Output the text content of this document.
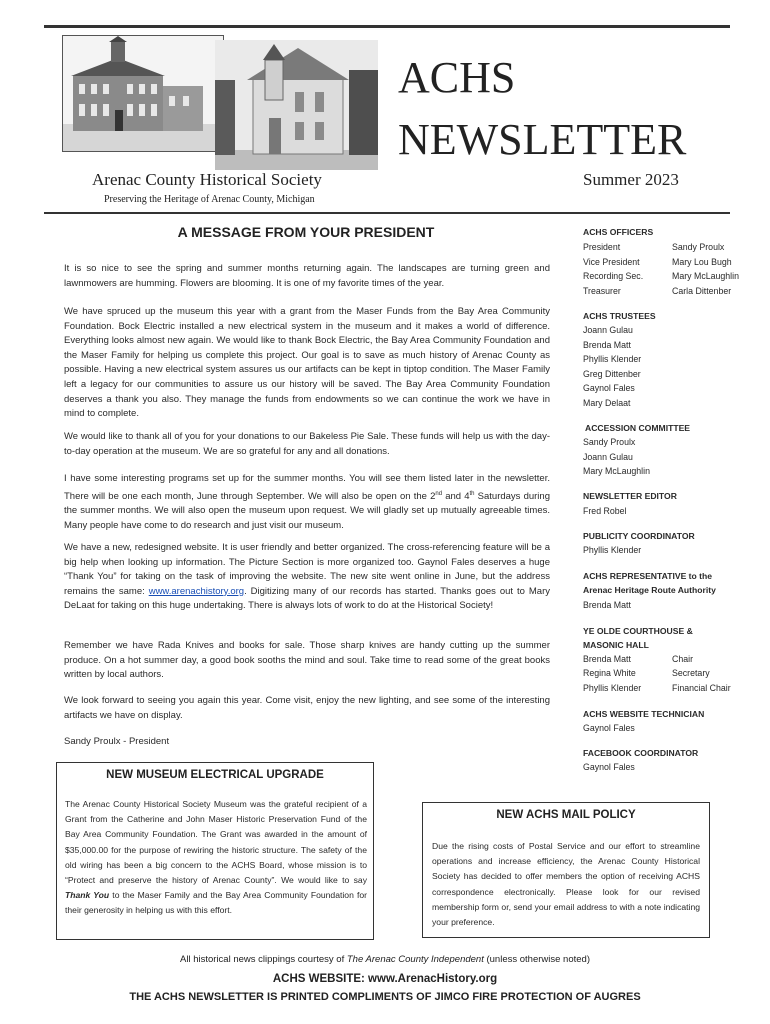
ACHS
NEWSLETTER
Arenac County Historical Society	Summer 2023
Preserving the Heritage of Arenac County, Michigan
A MESSAGE FROM YOUR PRESIDENT
It is so nice to see the spring and summer months returning again. The landscapes are turning green and lawnmowers are humming. Flowers are blooming. It is one of my favorite times of the year.
We have spruced up the museum this year with a grant from the Maser Funds from the Bay Area Community Foundation. Bock Electric installed a new electrical system in the museum and it makes a world of difference. Everything looks almost new again. We would like to thank Bock Electric, the Bay Area Community Foundation and the Maser Family for helping us complete this project. Our goal is to save as much history of Arenac County as possible. Having a new electrical system assures us our artifacts can be kept in tiptop condition. The Maser Family left a legacy for our communities to assure us our history will be saved. The Bay Area Community Foundation deserves a thank you also. They manage the funds from endowments so we can continue the work we have in mind to complete.
We would like to thank all of you for your donations to our Bakeless Pie Sale. These funds will help us with the day-to-day operation at the museum. We are so grateful for any and all donations.
I have some interesting programs set up for the summer months. You will see them listed later in the newsletter. There will be one each month, June through September. We will also be open on the 2nd and 4th Saturdays during the summer months. We will also open the museum upon request. We will gladly set up mutually agreeable times. Many people have come to do research and just visit our museum.
We have a new, redesigned website. It is user friendly and better organized. The cross-referencing feature will be a big help when looking up information. The Picture Section is more organized too. Gaynol Fales deserves a huge “Thank You” for taking on the task of improving the website. The new site went online in June, but the address remains the same: www.arenachistory.org. Digitizing many of our records has started. Thanks goes out to Mary DeLaat for taking on this huge undertaking. There is always lots of work to do at the Historical Society!
Remember we have Rada Knives and books for sale. Those sharp knives are handy cutting up the summer produce. On a hot summer day, a good book sooths the mind and soul. Take time to read some of the great books written by local authors.
We look forward to seeing you again this year. Come visit, enjoy the new lighting, and see some of the interesting artifacts we have on display.
Sandy Proulx - President
ACHS OFFICERS
President	Sandy Proulx
Vice President	Mary Lou Bugh
Recording Sec.	Mary McLaughlin
Treasurer	Carla Dittenber
ACHS TRUSTEES
Joann Gulau
Brenda Matt
Phyllis Klender
Greg Dittenber
Gaynol Fales
Mary Delaat
ACCESSION COMMITTEE
Sandy Proulx
Joann Gulau
Mary McLaughlin
NEWSLETTER EDITOR
Fred Robel
PUBLICITY COORDINATOR
Phyllis Klender
ACHS REPRESENTATIVE to the
Arenac Heritage Route Authority
Brenda Matt
YE OLDE COURTHOUSE &
MASONIC HALL
Brenda Matt	Chair
Regina White	Secretary
Phyllis Klender	Financial Chair
ACHS WEBSITE TECHNICIAN
Gaynol Fales
FACEBOOK COORDINATOR
Gaynol Fales
NEW MUSEUM ELECTRICAL UPGRADE
The Arenac County Historical Society Museum was the grateful recipient of a Grant from the Catherine and John Maser Historic Preservation Fund of the Bay Area Community Foundation. The Grant was awarded in the amount of $35,000.00 for the purpose of rewiring the historic structure. The safety of the old wiring has been a big concern to the ACHS Board, whose mission is to “Protect and preserve the history of Arenac County”. We would like to say Thank You to the Maser Family and the Bay Area Community Foundation for their generosity in helping us with this effort.
NEW ACHS MAIL POLICY
Due the rising costs of Postal Service and our effort to streamline operations and increase efficiency, the Arenac County Historical Society has decided to offer members the option of receiving ACHS correspondence electronically. Please look for our revised membership form or, send your email address to with a note indicating your preference.
All historical news clippings courtesy of The Arenac County Independent (unless otherwise noted)
ACHS WEBSITE: www.ArenacHistory.org
THE ACHS NEWSLETTER IS PRINTED COMPLIMENTS OF JIMCO FIRE PROTECTION OF AUGRES
